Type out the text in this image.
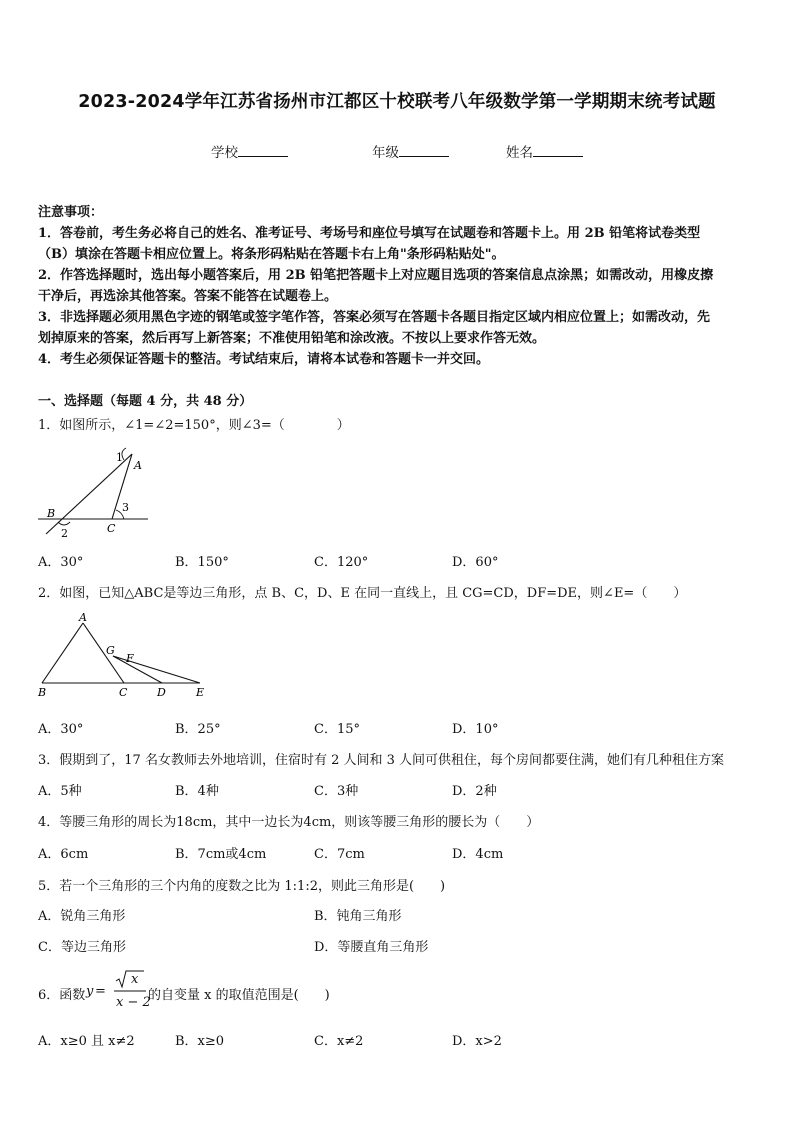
2023-2024学年江苏省扬州市江都区十校联考八年级数学第一学期期末统考试题
学校	年级	姓名
注意事项：
1．答卷前，考生务必将自己的姓名、准考证号、考场号和座位号填写在试题卷和答题卡上。用 2B 铅笔将试卷类型
（B）填涂在答题卡相应位置上。将条形码粘贴在答题卡右上角"条形码粘贴处"。
2．作答选择题时，选出每小题答案后，用 2B 铅笔把答题卡上对应题目选项的答案信息点涂黑；如需改动，用橡皮擦
干净后，再选涂其他答案。答案不能答在试题卷上。
3．非选择题必须用黑色字迹的钢笔或签字笔作答，答案必须写在答题卡各题目指定区域内相应位置上；如需改动，先
划掉原来的答案，然后再写上新答案；不准使用铅笔和涂改液。不按以上要求作答无效。
4．考生必须保证答题卡的整洁。考试结束后，请将本试卷和答题卡一并交回。
一、选择题（每题 4 分，共 48 分）
1．如图所示，∠1=∠2=150°，则∠3=（　　　　）
1
A
B
2
3
C
A．30°	B．150°	C．120°	D．60°
2．如图，已知△ABC是等边三角形，点 B、C，D、E 在同一直线上，且 CG=CD，DF=DE，则∠E=（　　）
A
G
F
B	C	D	E
A．30°	B．25°	C．15°	D．10°
3．假期到了，17 名女教师去外地培训，住宿时有 2 人间和 3 人间可供租住，每个房间都要住满，她们有几种租住方案
A．5种	B．4种	C．3种	D．2种
4．等腰三角形的周长为18cm，其中一边长为4cm，则该等腰三角形的腰长为（　　）
A．6cm	B．7cm或4cm	C．7cm	D．4cm
5．若一个三角形的三个内角的度数之比为 1:1:2，则此三角形是(　　)
A．锐角三角形	B．钝角三角形
C．等边三角形	D．等腰直角三角形
6．函数 y =
x
x − 2
的自变量 x 的取值范围是(　　)
A．x≥0 且 x≠2	B．x≥0	C．x≠2	D．x>2
